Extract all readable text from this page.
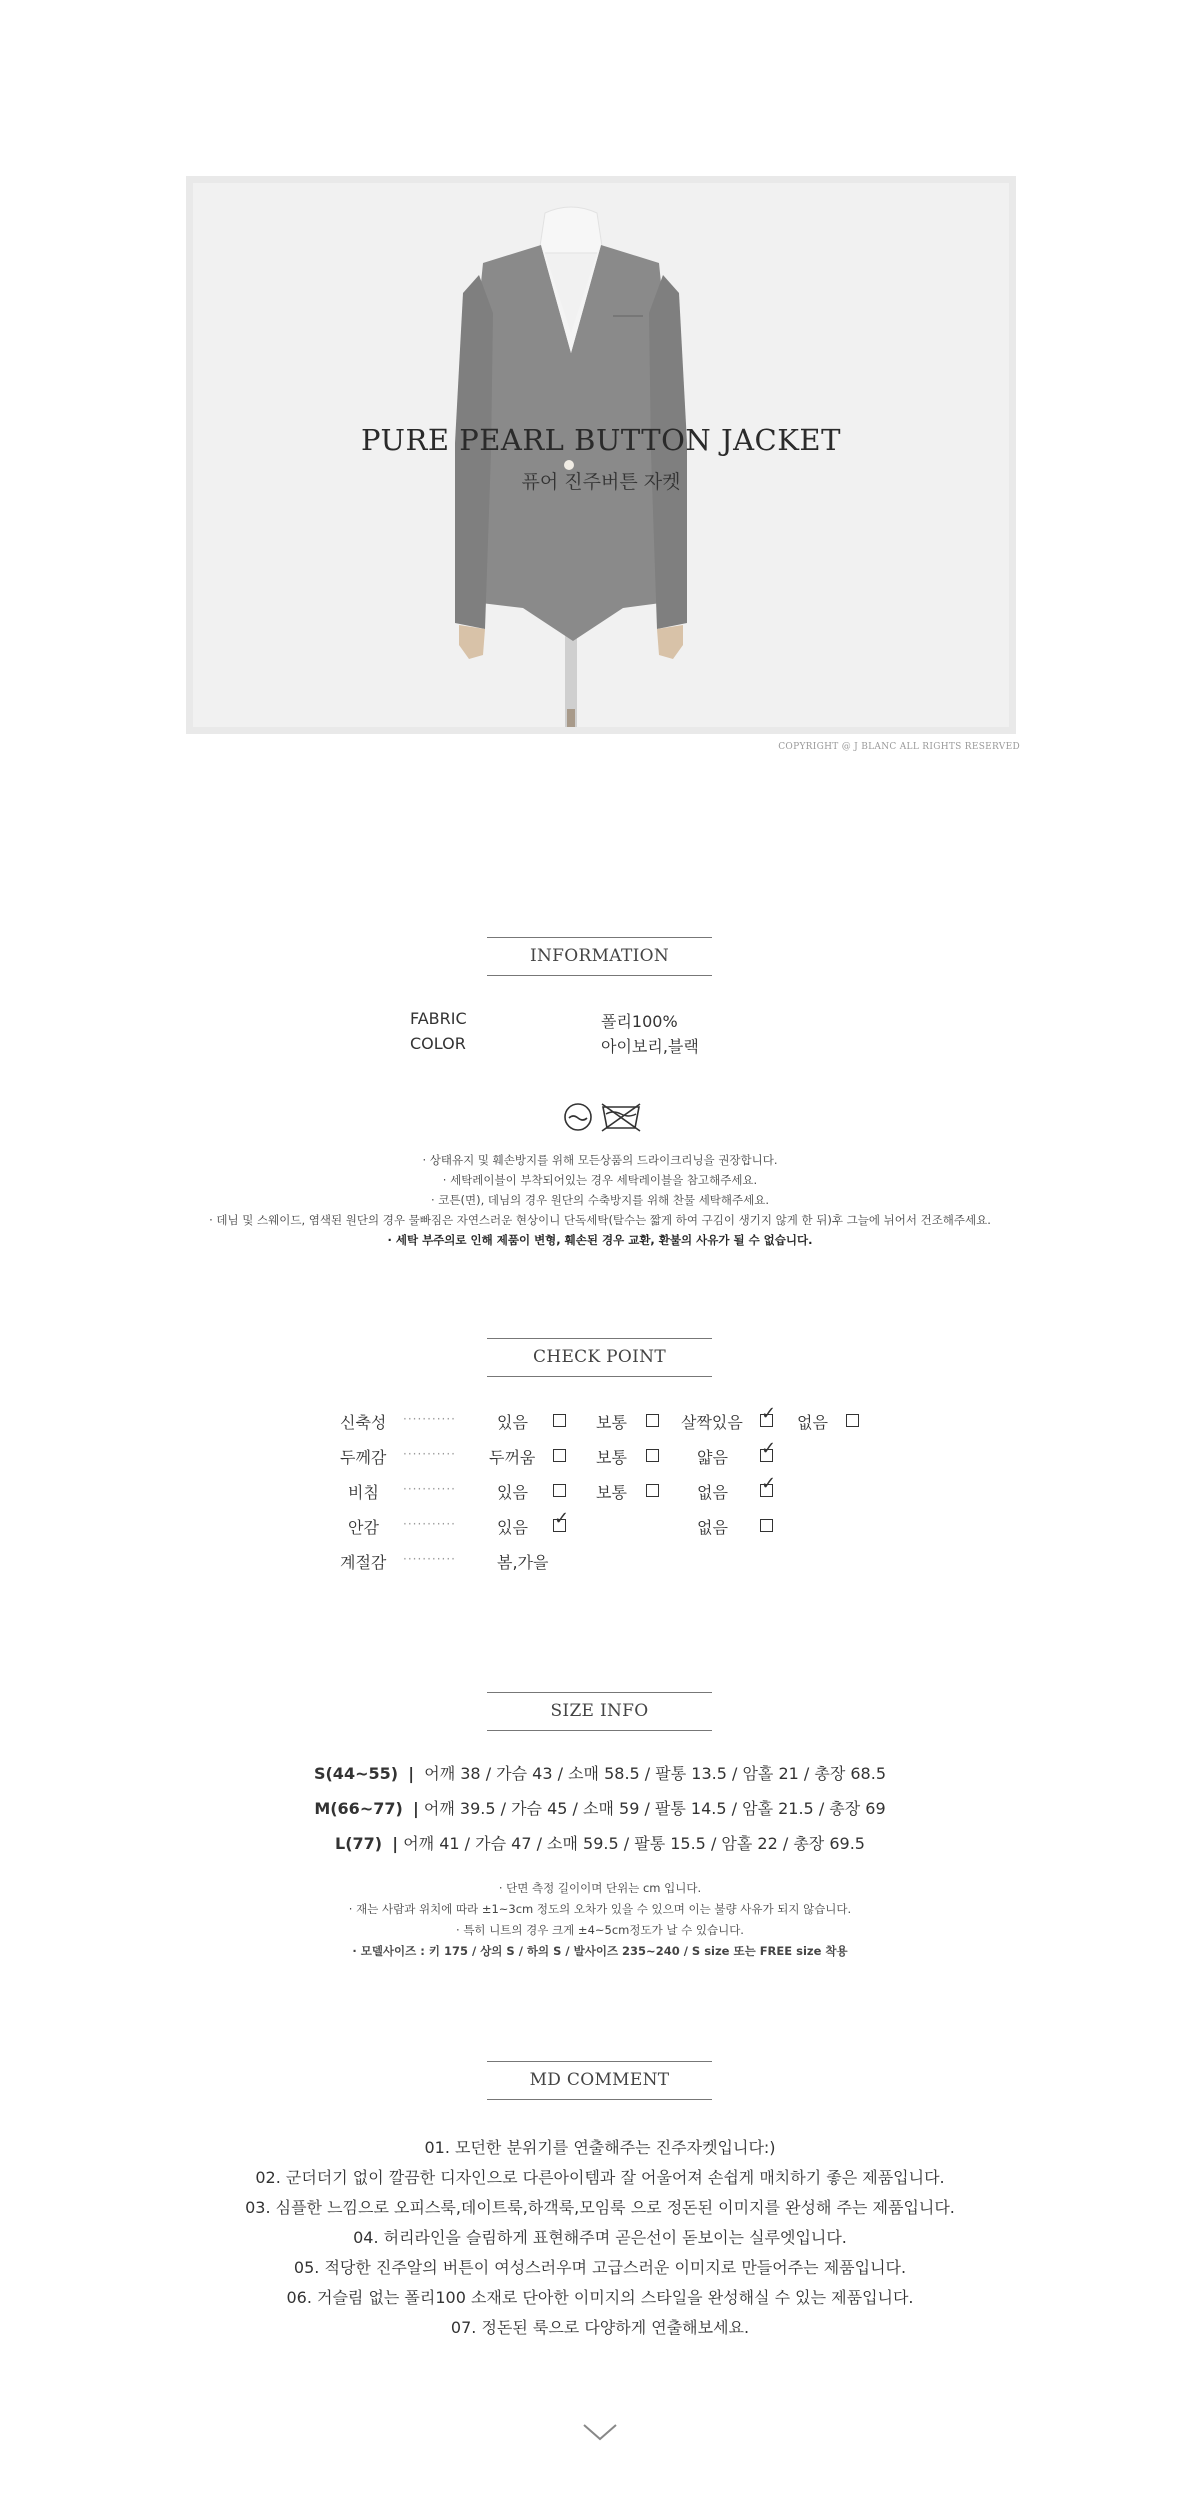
PURE PEARL BUTTON JACKET
퓨어 진주버튼 자켓
COPYRIGHT @ J BLANC ALL RIGHTS RESERVED
INFORMATION
FABRIC	폴리100%
COLOR	아이보리,블랙
· 상태유지 및 훼손방지를 위해 모든상품의 드라이크리닝을 권장합니다.
· 세탁레이블이 부착되어있는 경우 세탁레이블을 참고해주세요.
· 코튼(면), 데님의 경우 원단의 수축방지를 위해 찬물 세탁해주세요.
· 데님 및 스웨이드, 염색된 원단의 경우 물빠짐은 자연스러운 현상이니 단독세탁(탈수는 짧게 하여 구김이 생기지 않게 한 뒤)후 그늘에 뉘어서 건조해주세요.
· 세탁 부주의로 인해 제품이 변형, 훼손된 경우 교환, 환불의 사유가 될 수 없습니다.
CHECK POINT
신축성 ···········	있음	보통	살짝있음 ✓ 없음
두께감 ··········· 두꺼움	보통	얇음 ✓
비침 ···········	있음	보통	없음 ✓
안감 ···········	있음 ✓	없음
계절감 ···········	봄,가을
SIZE INFO
S(44~55) | 어깨 38 / 가슴 43 / 소매 58.5 / 팔통 13.5 / 암홀 21 / 총장 68.5
M(66~77) | 어깨 39.5 / 가슴 45 / 소매 59 / 팔통 14.5 / 암홀 21.5 / 총장 69
L(77) | 어깨 41 / 가슴 47 / 소매 59.5 / 팔통 15.5 / 암홀 22 / 총장 69.5
· 단면 측정 길이이며 단위는 cm 입니다.
· 재는 사람과 위치에 따라 ±1~3cm 정도의 오차가 있을 수 있으며 이는 불량 사유가 되지 않습니다.
· 특히 니트의 경우 크게 ±4~5cm정도가 날 수 있습니다.
· 모델사이즈 : 키 175 / 상의 S / 하의 S / 발사이즈 235~240 / S size 또는 FREE size 착용
MD COMMENT
01. 모던한 분위기를 연출해주는 진주자켓입니다:)
02. 군더더기 없이 깔끔한 디자인으로 다른아이템과 잘 어울어져 손쉽게 매치하기 좋은 제품입니다.
03. 심플한 느낌으로 오피스룩,데이트룩,하객룩,모임룩 으로 정돈된 이미지를 완성해 주는 제품입니다.
04. 허리라인을 슬림하게 표현해주며 곧은선이 돋보이는 실루엣입니다.
05. 적당한 진주알의 버튼이 여성스러우며 고급스러운 이미지로 만들어주는 제품입니다.
06. 거슬림 없는 폴리100 소재로 단아한 이미지의 스타일을 완성해실 수 있는 제품입니다.
07. 정돈된 룩으로 다양하게 연출해보세요.
